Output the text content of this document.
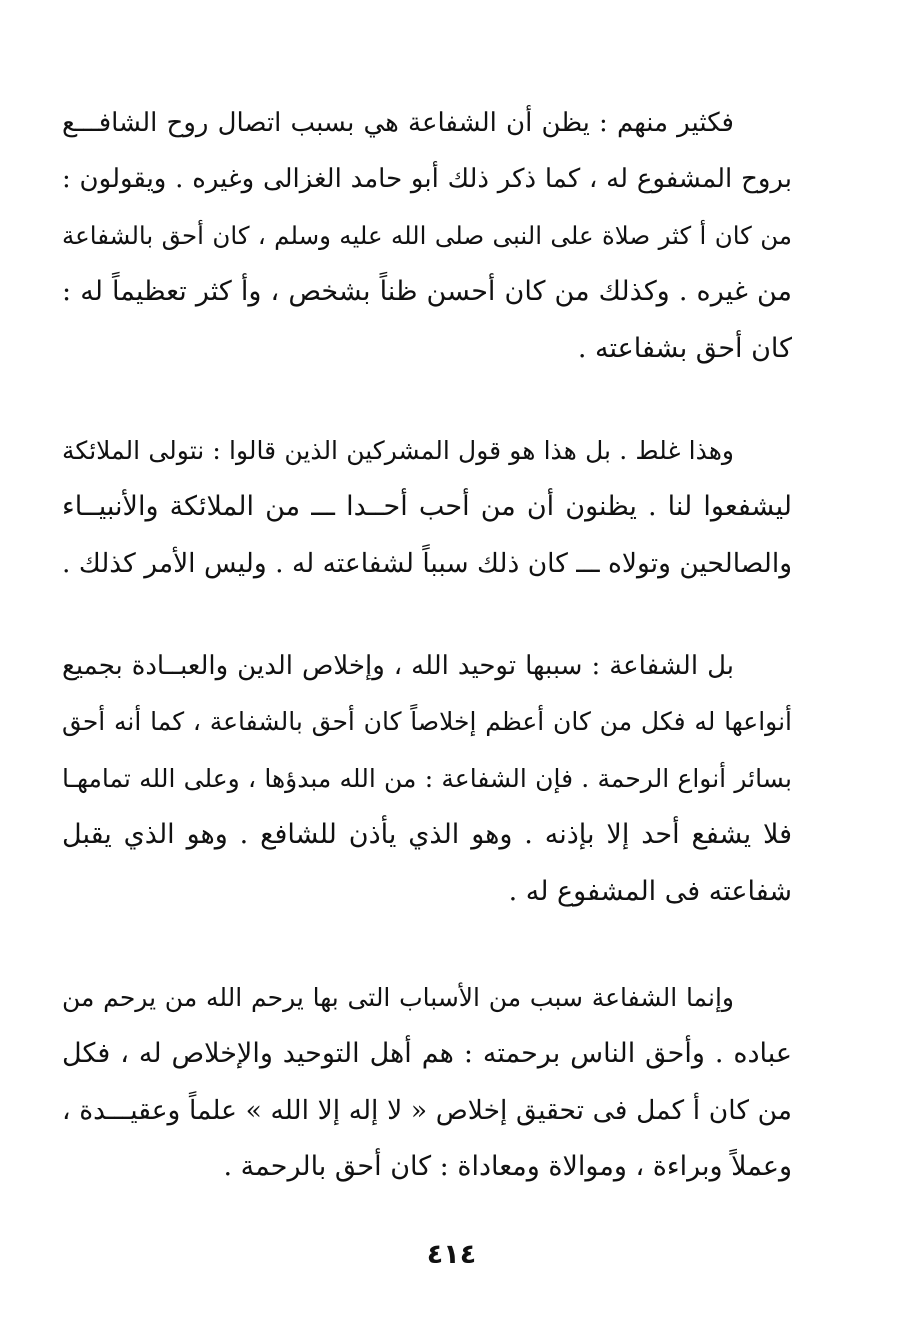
فكثير منهم : يظن أن الشفاعة هي بسبب اتصال روح الشافـــع
بروح المشفوع له ، كما ذكر ذلك أبو حامد الغزالى وغيره . ويقولون :
من كان أ كثر صلاة على النبى صلى الله عليه وسلم ، كان أحق بالشفاعة
من غيره . وكذلك من كان أحسن ظناً بشخص ، وأ كثر تعظيماً له :
كان أحق بشفاعته .
وهذا غلط . بل هذا هو قول المشركين الذين قالوا : نتولى الملائكة
ليشفعوا لنا . يظنون أن من أحب أحــدا ـــ من الملائكة والأنبيــاء
والصالحين وتولاه ـــ كان ذلك سبباً لشفاعته له . وليس الأمر كذلك .
بل الشفاعة : سببها توحيد الله ، وإخلاص الدين والعبــادة بجميع
أنواعها له فكل من كان أعظم إخلاصاً كان أحق بالشفاعة ، كما أنه أحق
بسائر أنواع الرحمة . فإن الشفاعة : من الله مبدؤها ، وعلى الله تمامهـا
فلا يشفع أحد إلا بإذنه . وهو الذي يأذن للشافع . وهو الذي يقبل
شفاعته فى المشفوع له .
وإنما الشفاعة سبب من الأسباب التى بها يرحم الله من يرحم من
عباده . وأحق الناس برحمته : هم أهل التوحيد والإخلاص له ، فكل
من كان أ كمل فى تحقيق إخلاص « لا إله إلا الله » علماً وعقيـــدة ،
وعملاً وبراءة ، وموالاة ومعاداة : كان أحق بالرحمة .
٤١٤
